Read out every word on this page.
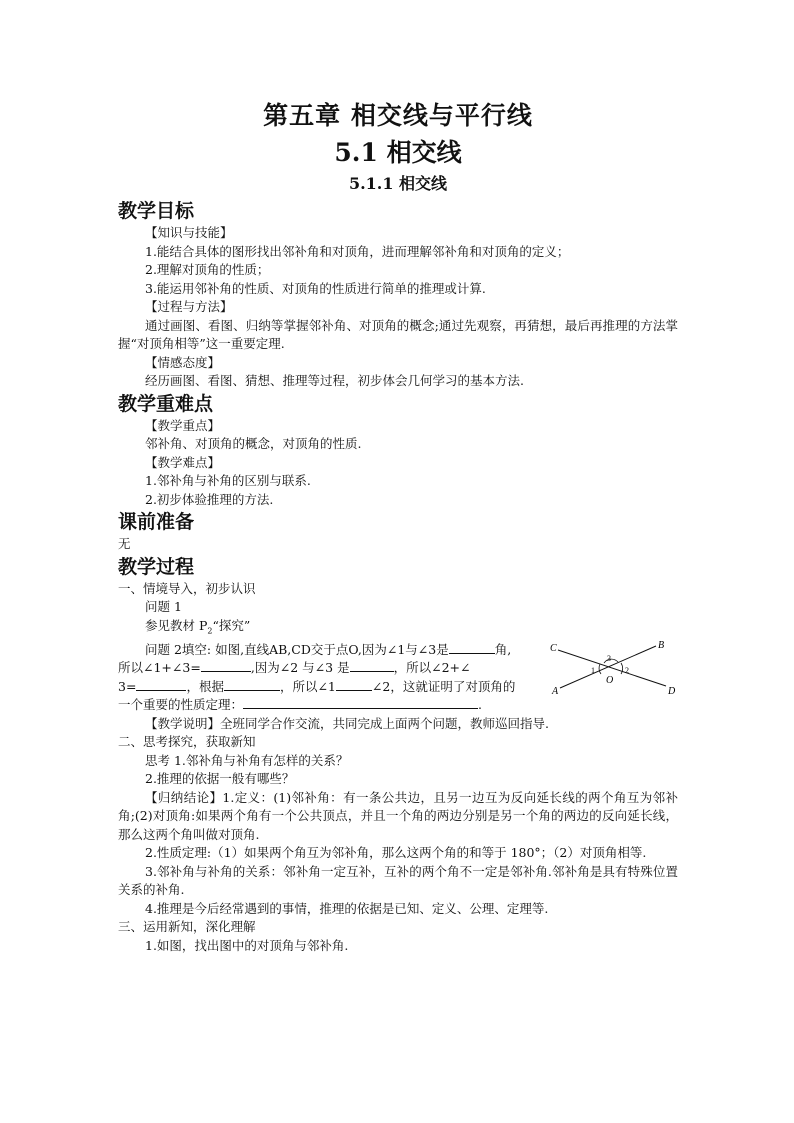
第五章 相交线与平行线
5.1 相交线
5.1.1 相交线
教学目标
【知识与技能】
1.能结合具体的图形找出邻补角和对顶角，进而理解邻补角和对顶角的定义；
2.理解对顶角的性质；
3.能运用邻补角的性质、对顶角的性质进行简单的推理或计算.
【过程与方法】
通过画图、看图、归纳等掌握邻补角、对顶角的概念;通过先观察，再猜想，最后再推理的方法掌握“对顶角相等”这一重要定理.
【情感态度】
经历画图、看图、猜想、推理等过程，初步体会几何学习的基本方法.
教学重难点
【教学重点】
邻补角、对顶角的概念，对顶角的性质.
【教学难点】
1.邻补角与补角的区别与联系.
2.初步体验推理的方法.
课前准备
无
教学过程
一、情境导入，初步认识
问题 1
参见教材 $P_2“$探究”
问题 2填空: 如图,直线AB,CD交于点O,因为∠1与∠3是	角,
所以∠1+∠3=	,因为∠2 与∠3 是	，所以∠2+∠
3=	，根据	，所以∠1	∠2，这就证明了对顶角的
一个重要的性质定理：	.
【教学说明】全班同学合作交流，共同完成上面两个问题，教师巡回指导.
二、思考探究，获取新知
思考 1.邻补角与补角有怎样的关系？
2.推理的依据一般有哪些？
【归纳结论】1.定义：(1)邻补角：有一条公共边，且另一边互为反向延长线的两个角互为邻补角;(2)对顶角:如果两个角有一个公共顶点，并且一个角的两边分别是另一个角的两边的反向延长线，那么这两个角叫做对顶角.
2.性质定理:（1）如果两个角互为邻补角，那么这两个角的和等于 180°；（2）对顶角相等.
3.邻补角与补角的关系：邻补角一定互补，互补的两个角不一定是邻补角.邻补角是具有特殊位置关系的补角.
4.推理是今后经常遇到的事情，推理的依据是已知、定义、公理、定理等.
三、运用新知，深化理解
1.如图，找出图中的对顶角与邻补角.
C	B
A	D
O
1	2
3
